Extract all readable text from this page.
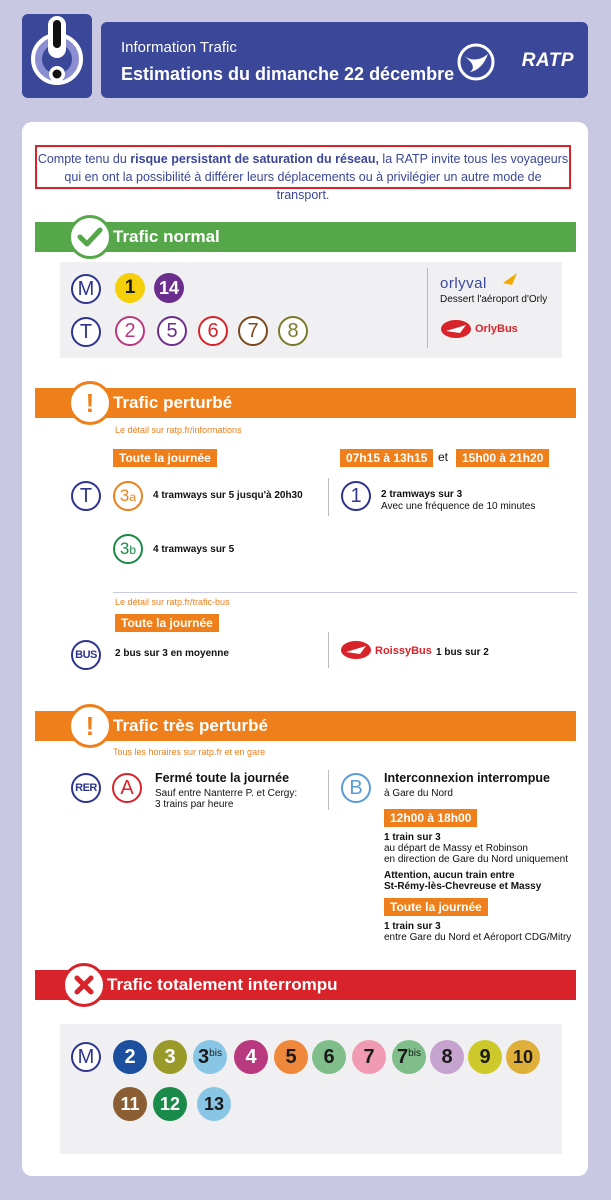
Information Trafic
Estimations du dimanche 22 décembre
RATP
Compte tenu du risque persistant de saturation du réseau, la RATP invite tous les voyageurs qui en ont la possibilité à différer leurs déplacements ou à privilégier un autre mode de transport.
Trafic normal
M	1	14
T	2	5	6	7	8
orlyval
Dessert l'aéroport d'Orly
OrlyBus
!	Trafic perturbé
Le détail sur ratp.fr/informations
Toute la journée	07h15 à 13h15 et	15h00 à 21h20
T	3a	4 tramways sur 5 jusqu'à 20h30	1	2 tramways sur 3
Avec une fréquence de 10 minutes
3b	4 tramways sur 5
Le détail sur ratp.fr/trafic-bus
Toute la journée
BUS	2 bus sur 3 en moyenne	RoissyBus 1 bus sur 2
!	Trafic très perturbé
Tous les horaires sur ratp.fr et en gare
RER	A	Fermé toute la journée
Sauf entre Nanterre P. et Cergy:
3 trains par heure
B	Interconnexion interrompue
à Gare du Nord
12h00 à 18h00
1 train sur 3
au départ de Massy et Robinson
en direction de Gare du Nord uniquement
Attention, aucun train entre
St-Rémy-lès-Chevreuse et Massy
Toute la journée
1 train sur 3
entre Gare du Nord et Aéroport CDG/Mitry
Trafic totalement interrompu
M	2	3	$3^{bis}$	4	5	6	7	$7^{bis}$	8	9	10
11	12	13
